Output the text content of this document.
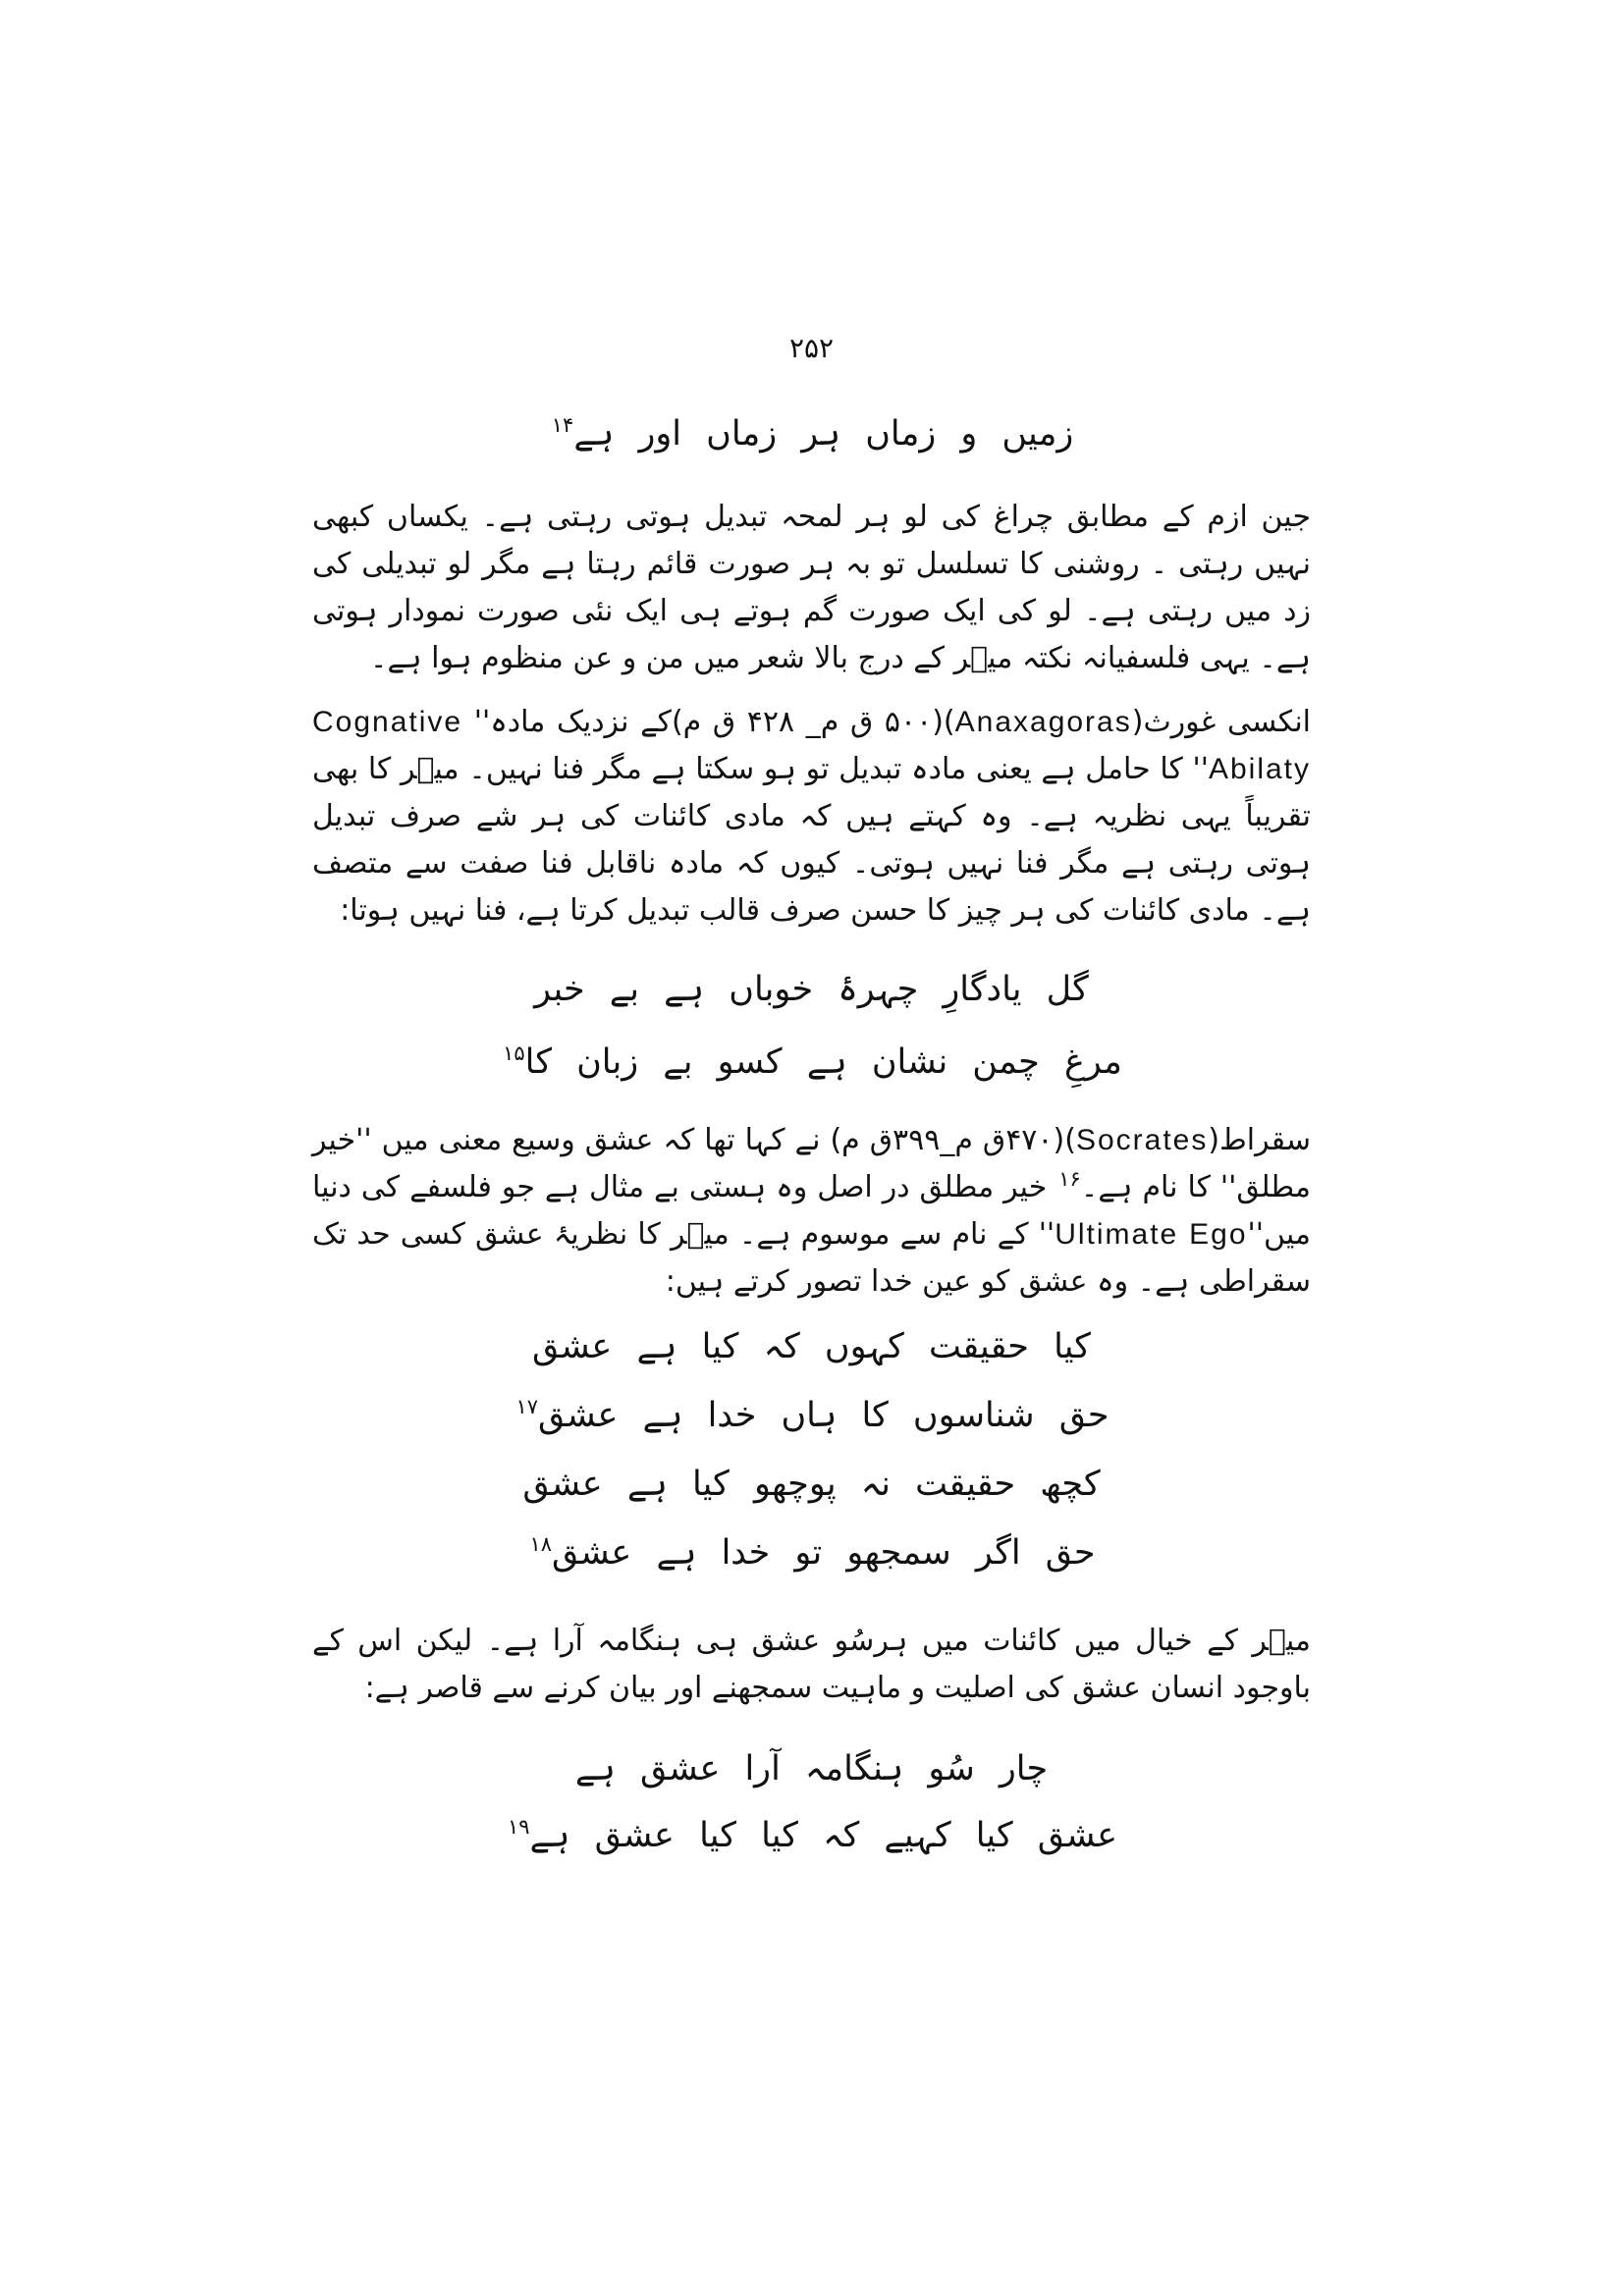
۲۵۲
زمیں و زماں ہر زماں اور ہے$^{۱۴}$
جین ازم کے مطابق چراغ کی لو ہر لمحہ تبدیل ہوتی رہتی ہے۔ یکساں کبھی نہیں رہتی ۔ روشنی کا تسلسل تو بہ ہر صورت قائم رہتا ہے مگر لو تبدیلی کی زد میں رہتی ہے۔ لو کی ایک صورت گم ہوتے ہی ایک نئی صورت نمودار ہوتی ہے۔ یہی فلسفیانہ نکتہ میؔر کے درج بالا شعر میں من و عن منظوم ہوا ہے۔
انکسی غورث(Anaxagoras)(۵۰۰ ق م_ ۴۲۸ ق م)کے نزدیک مادہ'' Cognative Abilaty'' کا حامل ہے یعنی مادہ تبدیل تو ہو سکتا ہے مگر فنا نہیں۔ میؔر کا بھی تقریباً یہی نظریہ ہے۔ وہ کہتے ہیں کہ مادی کائنات کی ہر شے صرف تبدیل ہوتی رہتی ہے مگر فنا نہیں ہوتی۔ کیوں کہ مادہ ناقابل فنا صفت سے متصف ہے۔ مادی کائنات کی ہر چیز کا حسن صرف قالب تبدیل کرتا ہے، فنا نہیں ہوتا:
گل یادگارِ چہرۂ خوباں ہے بے خبر
مرغِ چمن نشان ہے کسو بے زبان کا$^{۱۵}$
سقراط(Socrates)(۴۷۰ق م_۳۹۹ق م) نے کہا تھا کہ عشق وسیع معنی میں ''خیر مطلق'' کا نام ہے۔$^{۱۶}$ خیر مطلق در اصل وہ ہستی بے مثال ہے جو فلسفے کی دنیا میں''Ultimate Ego'' کے نام سے موسوم ہے۔ میؔر کا نظریۂ عشق کسی حد تک سقراطی ہے۔ وہ عشق کو عین خدا تصور کرتے ہیں:
کیا حقیقت کہوں کہ کیا ہے عشق
حق شناسوں کا ہاں خدا ہے عشق$^{۱۷}$
کچھ حقیقت نہ پوچھو کیا ہے عشق
حق اگر سمجھو تو خدا ہے عشق$^{۱۸}$
میؔر کے خیال میں کائنات میں ہرسُو عشق ہی ہنگامہ آرا ہے۔ لیکن اس کے باوجود انسان عشق کی اصلیت و ماہیت سمجھنے اور بیان کرنے سے قاصر ہے:
چار سُو ہنگامہ آرا عشق ہے
عشق کیا کہیے کہ کیا کیا عشق ہے$^{۱۹}$
